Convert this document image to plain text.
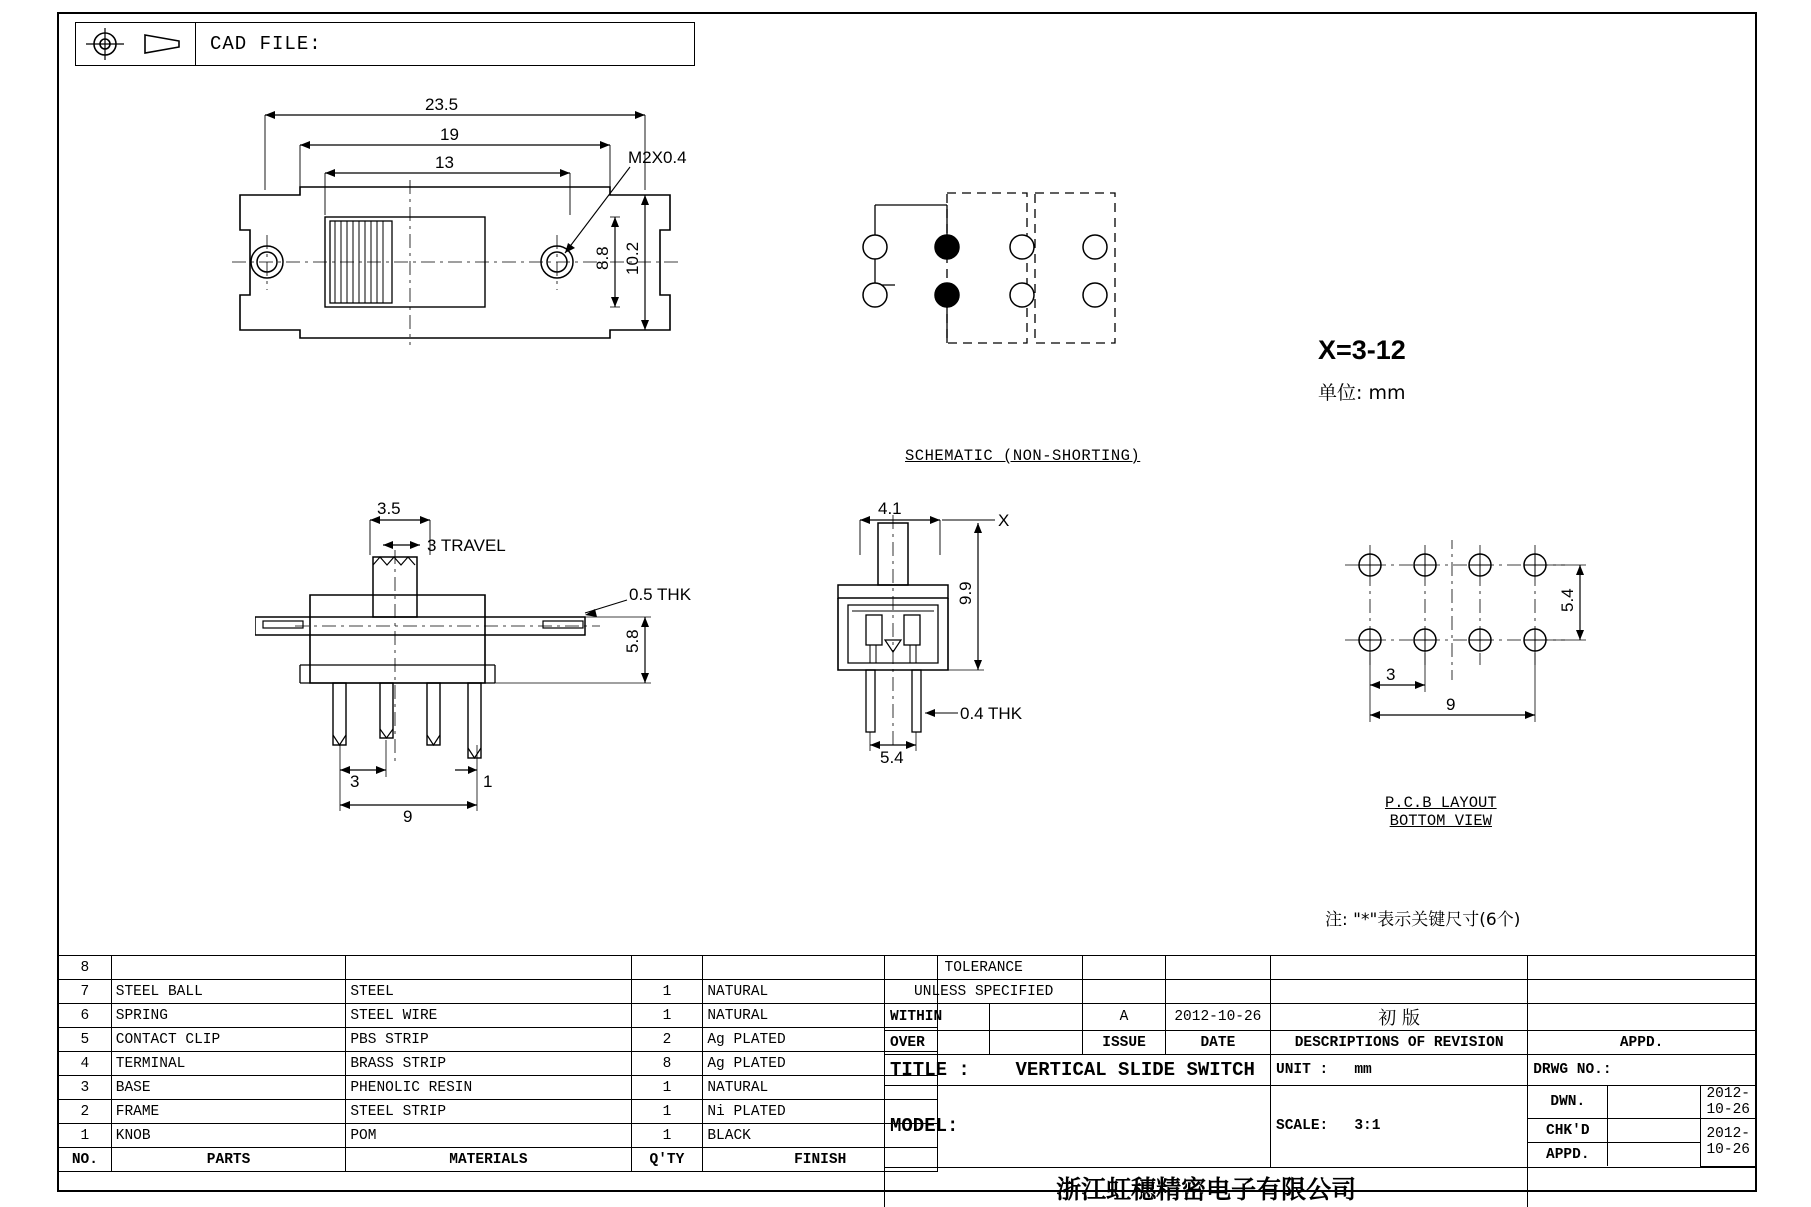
CAD FILE:
23.5
19
13	M2X0.4
8.8 10.2
SCHEMATIC (NON-SHORTING)
X=3-12
单位: mm
3.5
3 TRAVEL
0.5 THK
5.8
3	1
9
4.1
X
9.9
0.4 THK
5.4
5.4
3
9
P.C.B LAYOUT
BOTTOM VIEW
注: "*"表示关键尺寸(6个)
8				
7	STEEL BALL	STEEL	1	NATURAL
6	SPRING	STEEL WIRE	1	NATURAL
5	CONTACT CLIP	PBS STRIP	2	Ag PLATED
4	TERMINAL	BRASS STRIP	8	Ag PLATED
3	BASE	PHENOLIC RESIN	1	NATURAL
2	FRAME	STEEL STRIP	1	Ni PLATED
1	KNOB	POM	1	BLACK
NO.	PARTS	MATERIALS	Q'TY	FINISH
TOLERANCE				
UNLESS SPECIFIED				
WITHIN		A	2012-10-26	初 版	
OVER		ISSUE	DATE	DESCRIPTIONS OF REVISION	APPD.
TITLE : VERTICAL SLIDE SWITCH	UNIT : mm	DRWG NO.:
MODEL:	SCALE: 3:1	
DWN.		2012-10-26
CHK'D		2012-10-26
APPD.	

浙江虹穗精密电子有限公司	
